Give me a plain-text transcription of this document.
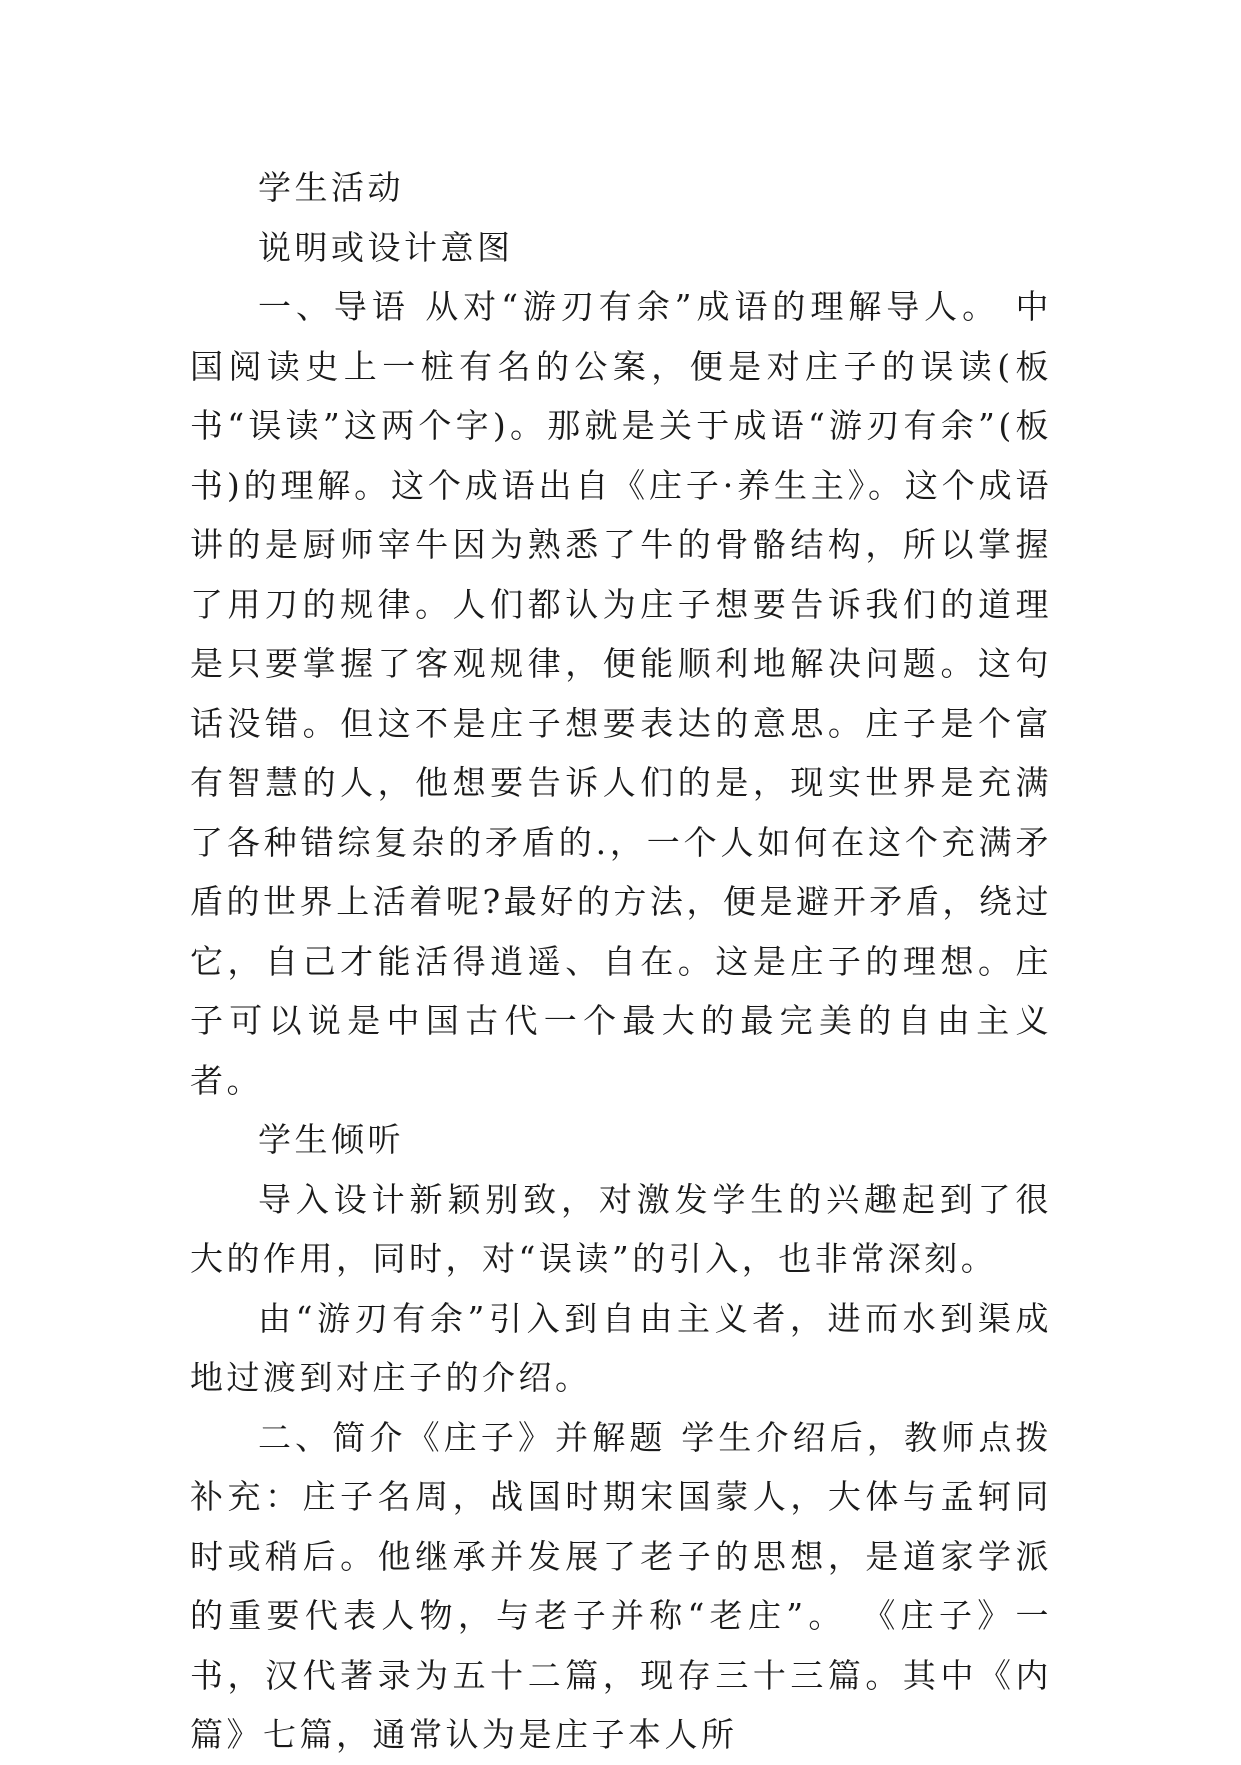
学生活动

说明或设计意图

一、导语 从对“游刃有余”成语的理解导人。 中国阅读史上一桩有名的公案，便是对庄子的误读(板书“误读”这两个字)。那就是关于成语“游刃有余”(板书)的理解。这个成语出自《庄子·养生主》。这个成语讲的是厨师宰牛因为熟悉了牛的骨骼结构，所以掌握了用刀的规律。人们都认为庄子想要告诉我们的道理是只要掌握了客观规律，便能顺利地解决问题。这句话没错。但这不是庄子想要表达的意思。庄子是个富有智慧的人，他想要告诉人们的是，现实世界是充满了各种错综复杂的矛盾的.，一个人如何在这个充满矛盾的世界上活着呢?最好的方法，便是避开矛盾，绕过它，自己才能活得逍遥、自在。这是庄子的理想。庄子可以说是中国古代一个最大的最完美的自由主义者。

学生倾听

导入设计新颖别致，对激发学生的兴趣起到了很大的作用，同时，对“误读”的引入，也非常深刻。

由“游刃有余”引入到自由主义者，进而水到渠成地过渡到对庄子的介绍。

二、简介《庄子》并解题 学生介绍后，教师点拨补充：庄子名周，战国时期宋国蒙人，大体与孟轲同时或稍后。他继承并发展了老子的思想，是道家学派的重要代表人物，与老子并称“老庄”。 《庄子》一书，汉代著录为五十二篇，现存三十三篇。其中《内篇》七篇，通常认为是庄子本人所
